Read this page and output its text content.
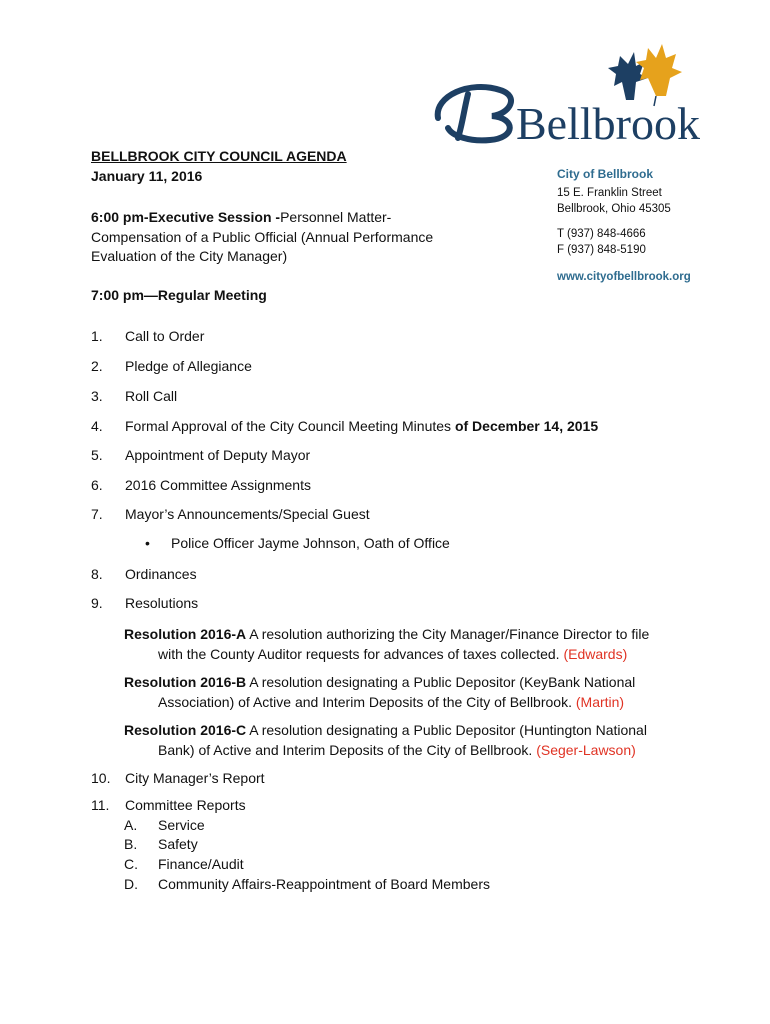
Bellbrook
City of Bellbrook
15 E. Franklin Street
Bellbrook, Ohio 45305
T (937) 848-4666
F (937) 848-5190
www.cityofbellbrook.org
BELLBROOK CITY COUNCIL AGENDA
January 11, 2016
6:00 pm-Executive Session -Personnel Matter-
Compensation of a Public Official (Annual Performance
Evaluation of the City Manager)
7:00 pm—Regular Meeting
1. Call to Order
2. Pledge of Allegiance
3. Roll Call
4. Formal Approval of the City Council Meeting Minutes of December 14, 2015
5. Appointment of Deputy Mayor
6. 2016 Committee Assignments
7. Mayor’s Announcements/Special Guest
• Police Officer Jayme Johnson, Oath of Office
8. Ordinances
9. Resolutions
Resolution 2016-A A resolution authorizing the City Manager/Finance Director to file
with the County Auditor requests for advances of taxes collected. (Edwards)
Resolution 2016-B A resolution designating a Public Depositor (KeyBank National
Association) of Active and Interim Deposits of the City of Bellbrook. (Martin)
Resolution 2016-C A resolution designating a Public Depositor (Huntington National
Bank) of Active and Interim Deposits of the City of Bellbrook. (Seger-Lawson)
10. City Manager’s Report
11. Committee Reports
A. Service
B. Safety
C. Finance/Audit
D. Community Affairs-Reappointment of Board Members
